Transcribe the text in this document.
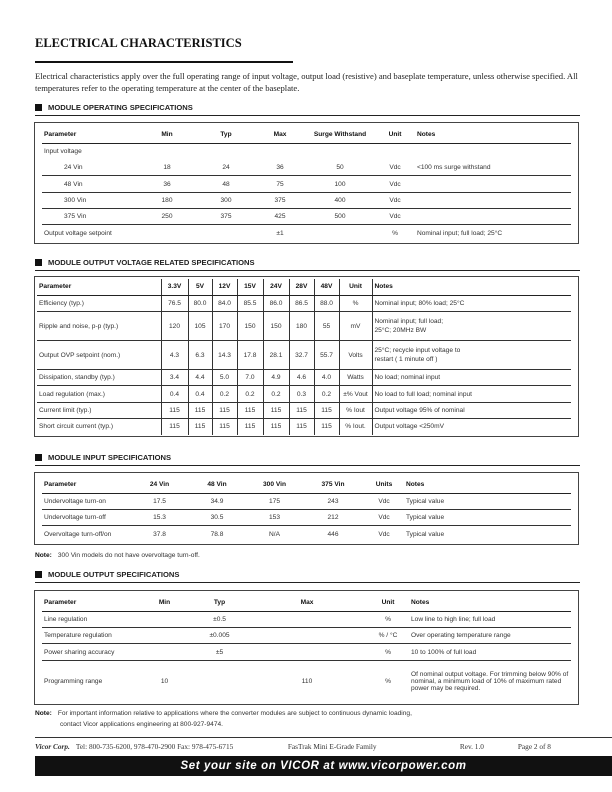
ELECTRICAL CHARACTERISTICS
Electrical characteristics apply over the full operating range of input voltage, output load (resistive) and baseplate temperature, unless otherwise specified. All temperatures refer to the operating temperature at the center of the baseplate.
MODULE OPERATING SPECIFICATIONS
Parameter	Min	Typ	Max	Surge Withstand	Unit	Notes
Input voltage						
24 Vin	18	24	36	50	Vdc	<100 ms surge withstand
48 Vin	36	48	75	100	Vdc	
300 Vin	180	300	375	400	Vdc	
375 Vin	250	375	425	500	Vdc	
Output voltage setpoint			±1		%	Nominal input; full load; 25°C
MODULE OUTPUT VOLTAGE RELATED SPECIFICATIONS
Parameter	3.3V	5V	12V	15V	24V	28V	48V	Unit	Notes
Efficiency (typ.)	76.5	80.0	84.0	85.5	86.0	86.5	88.0	%	Nominal input; 80% load; 25°C
Ripple and noise, p-p (typ.)	120	105	170	150	150	180	55	mV	Nominal input; full load;
25°C; 20MHz BW
Output OVP setpoint (nom.)	4.3	6.3	14.3	17.8	28.1	32.7	55.7	Volts	25°C; recycle input voltage to
restart ( 1 minute off )
Dissipation, standby (typ.)	3.4	4.4	5.0	7.0	4.9	4.6	4.0	Watts	No load; nominal input
Load regulation (max.)	0.4	0.4	0.2	0.2	0.2	0.3	0.2	±% Vout	No load to full load; nominal input
Current limit (typ.)	115	115	115	115	115	115	115	% Iout	Output voltage 95% of nominal
Short circuit current (typ.)	115	115	115	115	115	115	115	% Iout.	Output voltage <250mV
MODULE INPUT SPECIFICATIONS
Parameter	24 Vin	48 Vin	300 Vin	375 Vin	Units	Notes
Undervoltage turn-on	17.5	34.9	175	243	Vdc	Typical value
Undervoltage turn-off	15.3	30.5	153	212	Vdc	Typical value
Overvoltage turn-off/on	37.8	78.8	N/A	446	Vdc	Typical value
Note: 300 Vin models do not have overvoltage turn-off.
MODULE OUTPUT SPECIFICATIONS
Parameter	Min	Typ	Max	Unit	Notes
Line regulation		±0.5		%	Low line to high line; full load
Temperature regulation		±0.005		% / °C	Over operating temperature range
Power sharing accuracy		±5		%	10 to 100% of full load
Programming range	10		110	%	Of nominal output voltage. For trimming below 90% of nominal, a minimum load of 10% of maximum rated power may be required.
Note: For important information relative to applications where the converter modules are subject to continuous dynamic loading,
contact Vicor applications engineering at 800-927-9474.
Vicor Corp. Tel: 800-735-6200, 978-470-2900 Fax: 978-475-6715	FasTrak Mini E-Grade Family	Rev. 1.0	Page 2 of 8
Set your site on VICOR at www.vicorpower.com
